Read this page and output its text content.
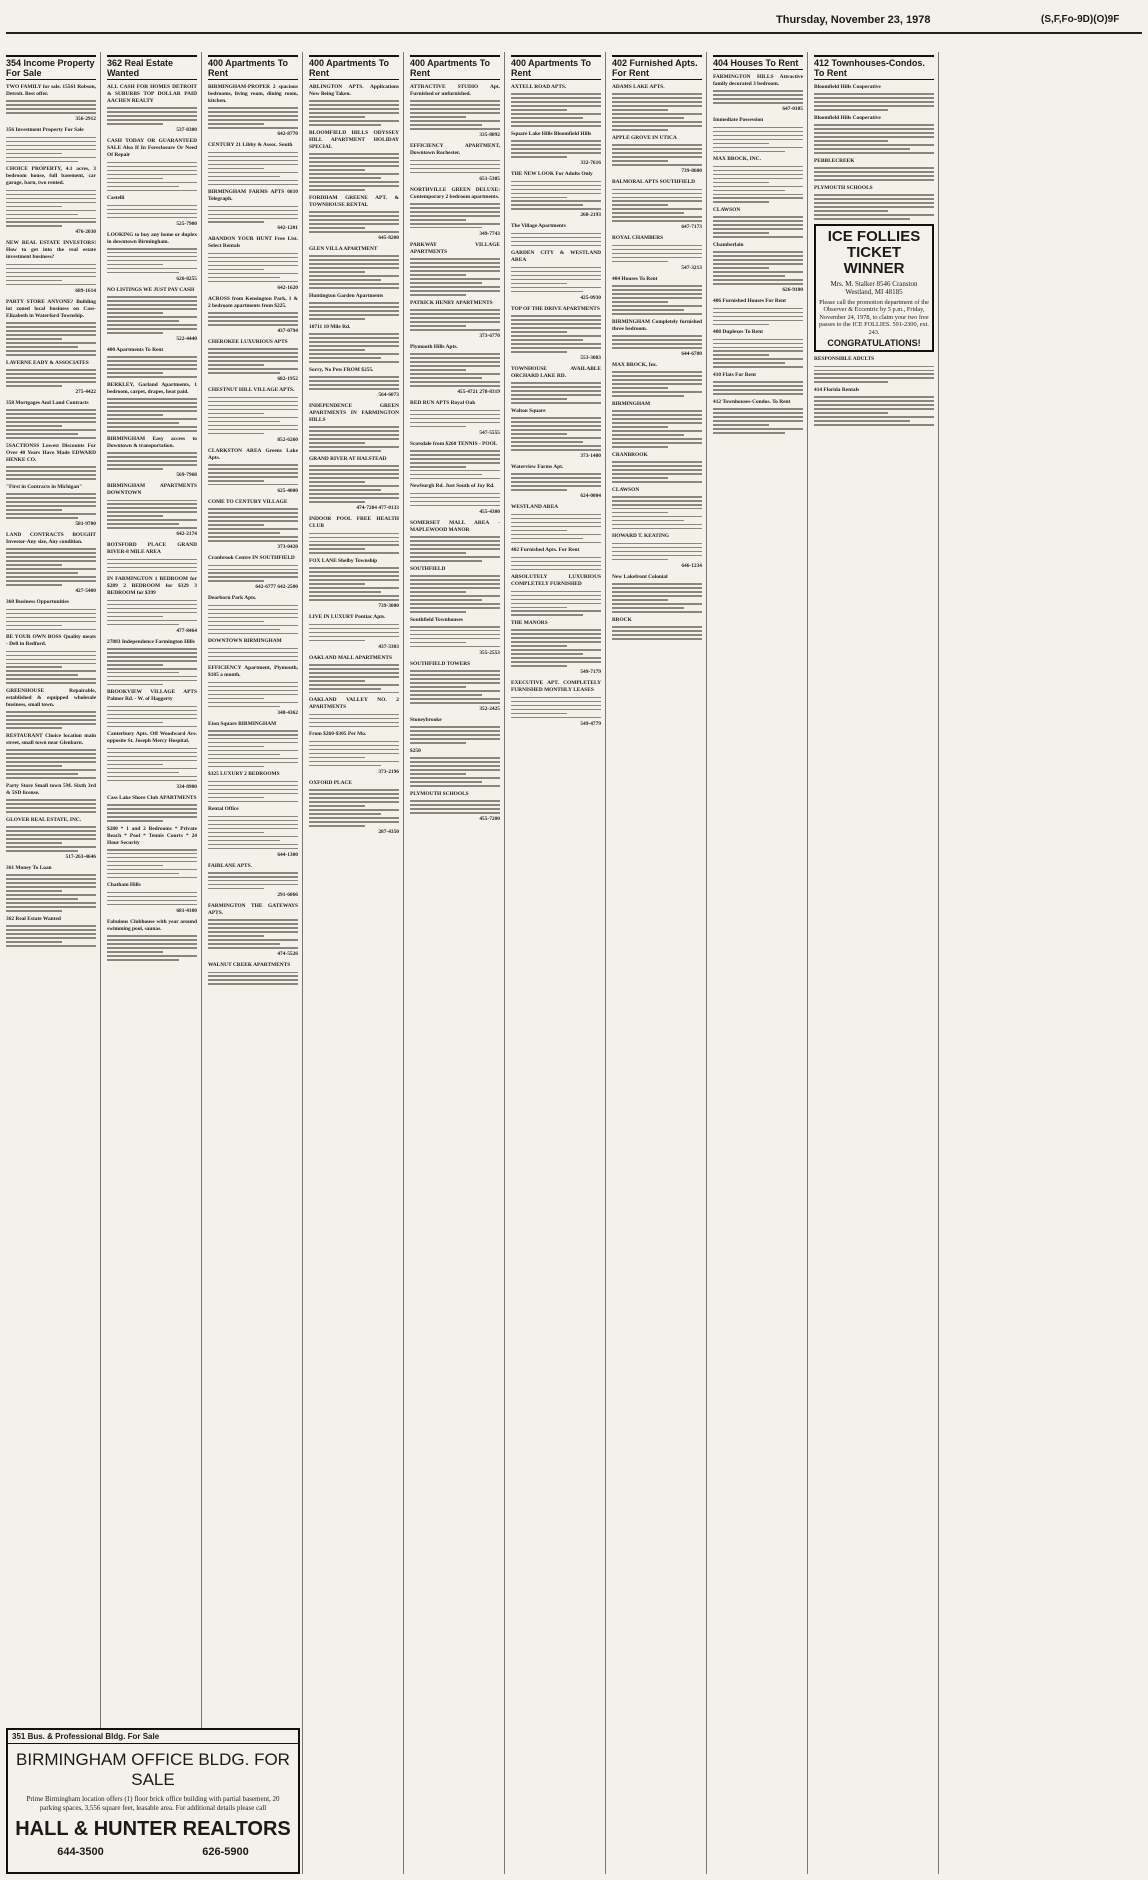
Thursday, November 23, 1978	(S,F,Fo-9D)(O)9F
354 Income Property For Sale
TWO FAMILY for sale. 15561 Robson, Detroit. Best offer.
356-2912
356 Investment Property For Sale
CHOICE PROPERTY, 4.1 acres, 3 bedroom house, full basement, car garage, barn, two rented.
476-2030
NEW REAL ESTATE INVESTORS! How to get into the real estate investment business?
689-1614
PARTY STORE ANYONE? Building lot zoned local business on Cass-Elizabeth in Waterford Township.
LAVERNE EADY & ASSOCIATES
275-4422
358 Mortgages And Land Contracts
5SACTIONSS Lowest Discounts For Over 40 Years Have Made EDWARD HENKE CO.
"First in Contracts in Michigan"
581-9700
LAND CONTRACTS BOUGHT Investor-Any size, Any condition.
427-5400
360 Business Opportunities
BE YOUR OWN BOSS Quality meats - Deli in Redford.
GREENHOUSE Repairable, established & equipped wholesale business, small town.
RESTAURANT Choice location main street, small town near Glenbarn.
Party Store Small town 5M. Sixth 3rd & 5SD license.
GLOVER REAL ESTATE, INC.
517-263-4646
361 Money To Loan
362 Real Estate Wanted
362 Real Estate Wanted
ALL CASH FOR HOMES DETROIT & SUBURBS TOP DOLLAR PAID AACHEN REALTY
537-8300
CASH TODAY OR GUARANTEED SALE Also If In Foreclosure Or Need Of Repair
Castelli
525-7900
LOOKING to buy any home or duplex in downtown Birmingham.
626-8255
NO LISTINGS WE JUST PAY CASH
522-4440
400 Apartments To Rent
BERKLEY, Garland Apartments, 1 bedroom, carpet, drapes, heat paid.
BIRMINGHAM Easy access to Downtown & transportation.
569-7968
BIRMINGHAM APARTMENTS DOWNTOWN
642-2174
BOTSFORD PLACE GRAND RIVER-8 MILE AREA
IN FARMINGTON 1 BEDROOM for $289 2 BEDROOM for $329 3 BEDROOM for $399
477-8464
27883 Independence Farmington Hills
BROOKVIEW VILLAGE APTS Palmer Rd. - W. of Haggerty
Canterbury Apts. Off Woodward Ave. opposite St. Joseph Mercy Hospital.
334-8900
Cass Lake Shore Club APARTMENTS
$280 * 1 and 2 Bedrooms * Private Beach * Pool * Tennis Courts * 24 Hour Security
Chatham Hills
681-4100
Fabulous Clubhouse with year around swimming pool, saunas.
400 Apartments To Rent
BIRMINGHAM-PROPER 2 spacious bedrooms, living room, dining room, kitchen.
642-8770
CENTURY 21 Libby & Assoc. South
BIRMINGHAM FARMS APTS 6810 Telegraph.
642-1201
ABANDON YOUR HUNT Free List. Select Rentals
642-1620
ACROSS from Kensington Park, 1 & 2 bedroom apartments from $225.
437-0794
CHEROKEE LUXURIOUS APTS
682-1952
CHESTNUT HILL VILLAGE APTS.
852-6260
CLARKSTON AREA Greens Lake Apts.
625-4000
COME TO CENTURY VILLAGE
373-0420
Cranbrook Centre IN SOUTHFIELD
642-6777 642-2500
Dearborn Park Apts.
DOWNTOWN BIRMINGHAM
EFFICIENCY Apartment, Plymouth, $185 a month.
348-4362
Eton Square BIRMINGHAM
$325 LUXURY 2 BEDROOMS
Rental Office
644-1300
FAIRLANE APTS.
291-6066
FARMINGTON THE GATEWAYS APTS.
474-5526
WALNUT CREEK APARTMENTS
400 Apartments To Rent
ARLINGTON APTS. Applications Now Being Taken.
BLOOMFIELD HILLS ODYSSEY HILL APARTMENT HOLIDAY SPECIAL
FORDHAM GREENE APT. & TOWNHOUSE RENTAL
645-8200
GLEN VILLA APARTMENT
Huntington Garden Apartments
10711 10 Mile Rd.
Sorry, No Pets FROM $255.
564-6073
INDEPENDENCE GREEN APARTMENTS IN FARMINGTON HILLS
GRAND RIVER AT HALSTEAD
474-7284 477-0133
INDOOR POOL FREE HEALTH CLUB
FOX LANE Shelby Township
739-3000
LIVE IN LUXURY Pontiac Apts.
437-3303
OAKLAND MALL APARTMENTS
OAKLAND VALLEY NO. 2 APARTMENTS
From $260-$305 Per Mo.
373-2196
OXFORD PLACE
287-4350
400 Apartments To Rent
ATTRACTIVE STUDIO Apt. Furnished or unfurnished.
335-8092
EFFICIENCY APARTMENT, Downtown Rochester.
651-5305
NORTHVILLE GREEN DELUXE: Contemporary 2 bedroom apartments.
349-7743
PARKWAY VILLAGE APARTMENTS
PATRICK HENRY APARTMENTS
373-6770
Plymouth Hills Apts.
455-4721 278-8319
RED RUN APTS Royal Oak
547-5555
Scotsdale from $260 TENNIS - POOL
Newburgh Rd. Just South of Joy Rd.
455-4300
SOMERSET MALL AREA - MAPLEWOOD MANOR
SOUTHFIELD
Southfield Townhouses
355-2553
SOUTHFIELD TOWERS
352-2425
Stoneybrooke
$250
PLYMOUTH SCHOOLS
455-7200
400 Apartments To Rent
AXTELL ROAD APTS.
Square Lake Hills Bloomfield Hills
332-7616
THE NEW LOOK For Adults Only
268-2193
The Village Apartments
GARDEN CITY & WESTLAND AREA
425-0930
TOP OF THE DRIVE APARTMENTS
553-3083
TOWNHOUSE AVAILABLE ORCHARD LAKE RD.
Walton Square
373-1400
Waterview Farms Apt.
624-0004
WESTLAND AREA
402 Furnished Apts. For Rent
ABSOLUTELY LUXURIOUS COMPLETELY FURNISHED
THE MANORS
549-7179
EXECUTIVE APT. COMPLETELY FURNISHED MONTHLY LEASES
549-4779
402 Furnished Apts. For Rent
ADAMS LAKE APTS.
APPLE GROVE IN UTICA
739-8600
BALMORAL APTS SOUTHFIELD
647-7173
ROYAL CHAMBERS
547-3213
404 Houses To Rent
BIRMINGHAM Completely furnished three bedroom.
644-6700
MAX BROCK, Inc.
BIRMINGHAM
CRANBROOK
CLAWSON
HOWARD T. KEATING
646-1234
New Lakefront Colonial
BROCK
404 Houses To Rent
FARMINGTON HILLS Attractive family decorated 3 bedroom.
647-0185
Immediate Possession
MAX BROCK, INC.
CLAWSON
Chamberlain
626-9100
406 Furnished Houses For Rent
408 Duplexes To Rent
410 Flats For Rent
412 Townhouses-Condos. To Rent
412 Townhouses-Condos. To Rent
Bloomfield Hills Cooperative
Bloomfield Hills Cooperative
PEBBLECREEK
PLYMOUTH SCHOOLS
ICE FOLLIES TICKET WINNER
Mrs. M. Stalker 8546 Cranston Westland, MI 48185
Please call the promotion department of the Observer & Eccentric by 5 p.m., Friday, November 24, 1978, to claim your two free passes to the ICE FOLLIES. 591-2300, ext. 243.
CONGRATULATIONS!
RESPONSIBLE ADULTS
414 Florida Rentals
351 Bus. & Professional Bldg. For Sale
BIRMINGHAM OFFICE BLDG. FOR SALE
Prime Birmingham location offers (1) floor brick office building with partial basement, 20 parking spaces, 3,556 square feet, leasable area. For additional details please call
HALL & HUNTER REALTORS
644-3500	626-5900
